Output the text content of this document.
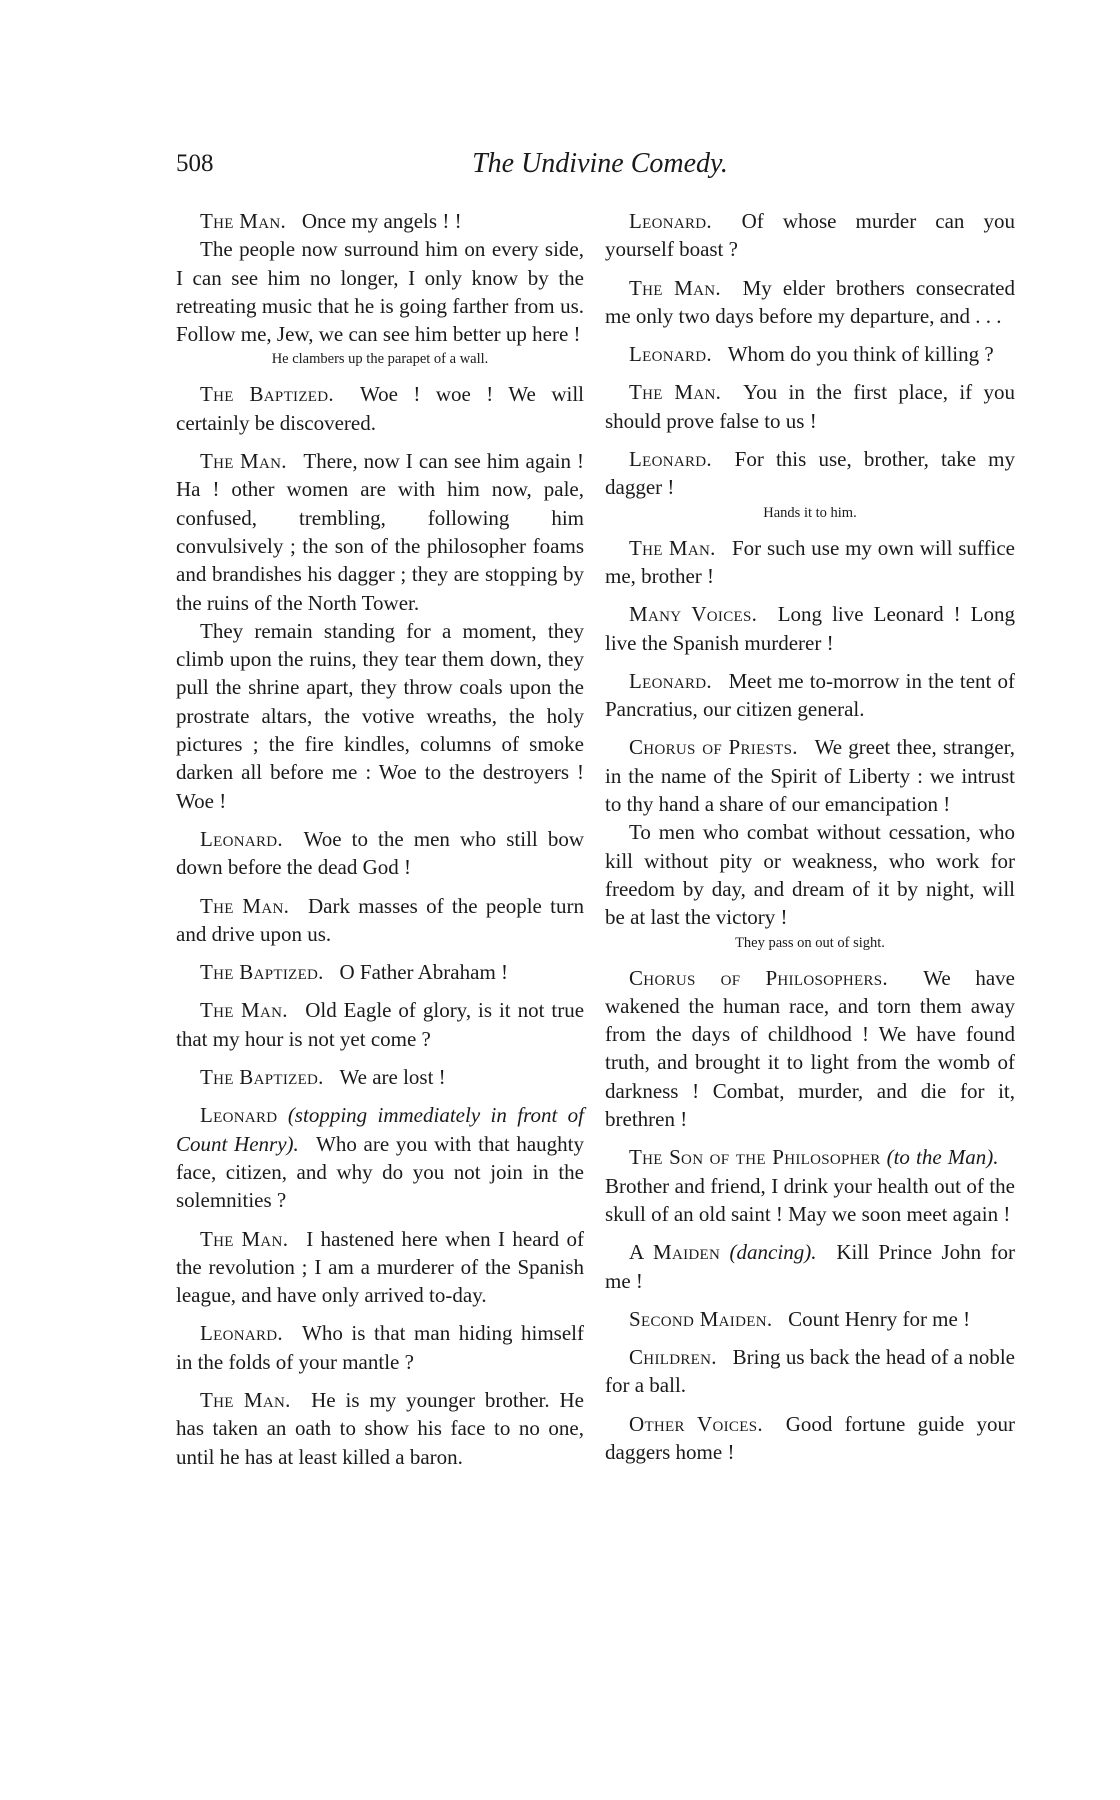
508	The Undivine Comedy.

The Man.   Once my angels ! !

The people now surround him on every side, I can see him no longer, I only know by the retreating music that he is going farther from us. Follow me, Jew, we can see him better up here !

He clambers up the parapet of a wall.

The Baptized.   Woe ! woe ! We will certainly be discovered.

The Man.   There, now I can see him again ! Ha ! other women are with him now, pale, confused, trembling, following him convulsively ; the son of the philosopher foams and brandishes his dagger ; they are stopping by the ruins of the North Tower.

They remain standing for a moment, they climb upon the ruins, they tear them down, they pull the shrine apart, they throw coals upon the prostrate altars, the votive wreaths, the holy pictures ; the fire kindles, columns of smoke darken all before me : Woe to the destroyers ! Woe !

Leonard.   Woe to the men who still bow down before the dead God !

The Man.   Dark masses of the people turn and drive upon us.

The Baptized.   O Father Abraham !

The Man.   Old Eagle of glory, is it not true that my hour is not yet come ?

The Baptized.   We are lost !

Leonard (stopping immediately in front of Count Henry).   Who are you with that haughty face, citizen, and why do you not join in the solemnities ?

The Man.   I hastened here when I heard of the revolution ; I am a murderer of the Spanish league, and have only arrived to-day.

Leonard.   Who is that man hiding himself in the folds of your mantle ?

The Man.   He is my younger brother. He has taken an oath to show his face to no one, until he has at least killed a baron.

Leonard.   Of whose murder can you yourself boast ?

The Man.   My elder brothers consecrated me only two days before my departure, and . . .

Leonard.   Whom do you think of killing ?

The Man.   You in the first place, if you should prove false to us !

Leonard.   For this use, brother, take my dagger !

Hands it to him.

The Man.   For such use my own will suffice me, brother !

Many Voices.   Long live Leonard ! Long live the Spanish murderer !

Leonard.   Meet me to-morrow in the tent of Pancratius, our citizen general.

Chorus of Priests.   We greet thee, stranger, in the name of the Spirit of Liberty : we intrust to thy hand a share of our emancipation !

To men who combat without cessation, who kill without pity or weakness, who work for freedom by day, and dream of it by night, will be at last the victory !

They pass on out of sight.

Chorus of Philosophers.   We have wakened the human race, and torn them away from the days of childhood ! We have found truth, and brought it to light from the womb of darkness ! Combat, murder, and die for it, brethren !

The Son of the Philosopher (to the Man).  Brother and friend, I drink your health out of the skull of an old saint ! May we soon meet again !

A Maiden (dancing).   Kill Prince John for me !

Second Maiden.   Count Henry for me !

Children.   Bring us back the head of a noble for a ball.

Other Voices.   Good fortune guide your daggers home !
